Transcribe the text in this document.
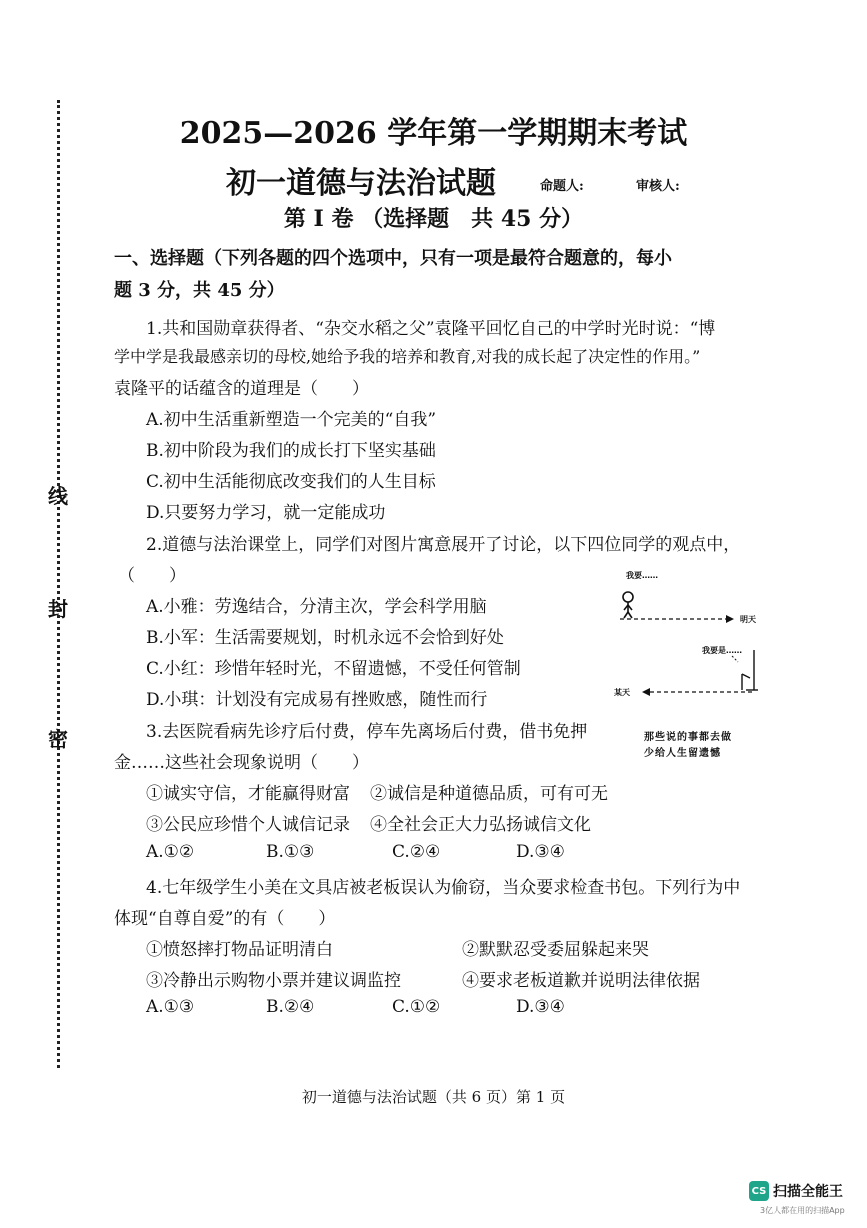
线
封
密
2025—2026 学年第一学期期末考试
初一道德与法治试题	命题人:	审核人:
第 I 卷 （选择题　共 45 分）
一、选择题（下列各题的四个选项中，只有一项是最符合题意的，每小
题 3 分，共 45 分）
1.共和国勋章获得者、“杂交水稻之父”袁隆平回忆自己的中学时光时说：“博
学中学是我最感亲切的母校,她给予我的培养和教育,对我的成长起了决定性的作用。”
袁隆平的话蕴含的道理是（　　）
A.初中生活重新塑造一个完美的“自我”
B.初中阶段为我们的成长打下坚实基础
C.初中生活能彻底改变我们的人生目标
D.只要努力学习，就一定能成功
2.道德与法治课堂上，同学们对图片寓意展开了讨论，以下四位同学的观点中，
（　　）
A.小雅：劳逸结合，分清主次，学会科学用脑
B.小军：生活需要规划，时机永远不会恰到好处
C.小红：珍惜年轻时光，不留遗憾，不受任何管制
D.小琪：计划没有完成易有挫败感，随性而行
我要……
明天
我要是……
某天
那些说的事都去做
少给人生留遗憾
3.去医院看病先诊疗后付费，停车先离场后付费，借书免押
金……这些社会现象说明（　　）
①诚实守信，才能赢得财富 ②诚信是种道德品质，可有可无
③公民应珍惜个人诚信记录 ④全社会正大力弘扬诚信文化
A.①②	B.①③	C.②④	D.③④
4.七年级学生小美在文具店被老板误认为偷窃，当众要求检查书包。下列行为中
体现“自尊自爱”的有（　　）
①愤怒摔打物品证明清白	②默默忍受委屈躲起来哭
③冷静出示购物小票并建议调监控	④要求老板道歉并说明法律依据
A.①③	B.②④	C.①②	D.③④
初一道德与法治试题（共 6 页）第 1 页
CS 扫描全能王
3亿人都在用的扫描App
